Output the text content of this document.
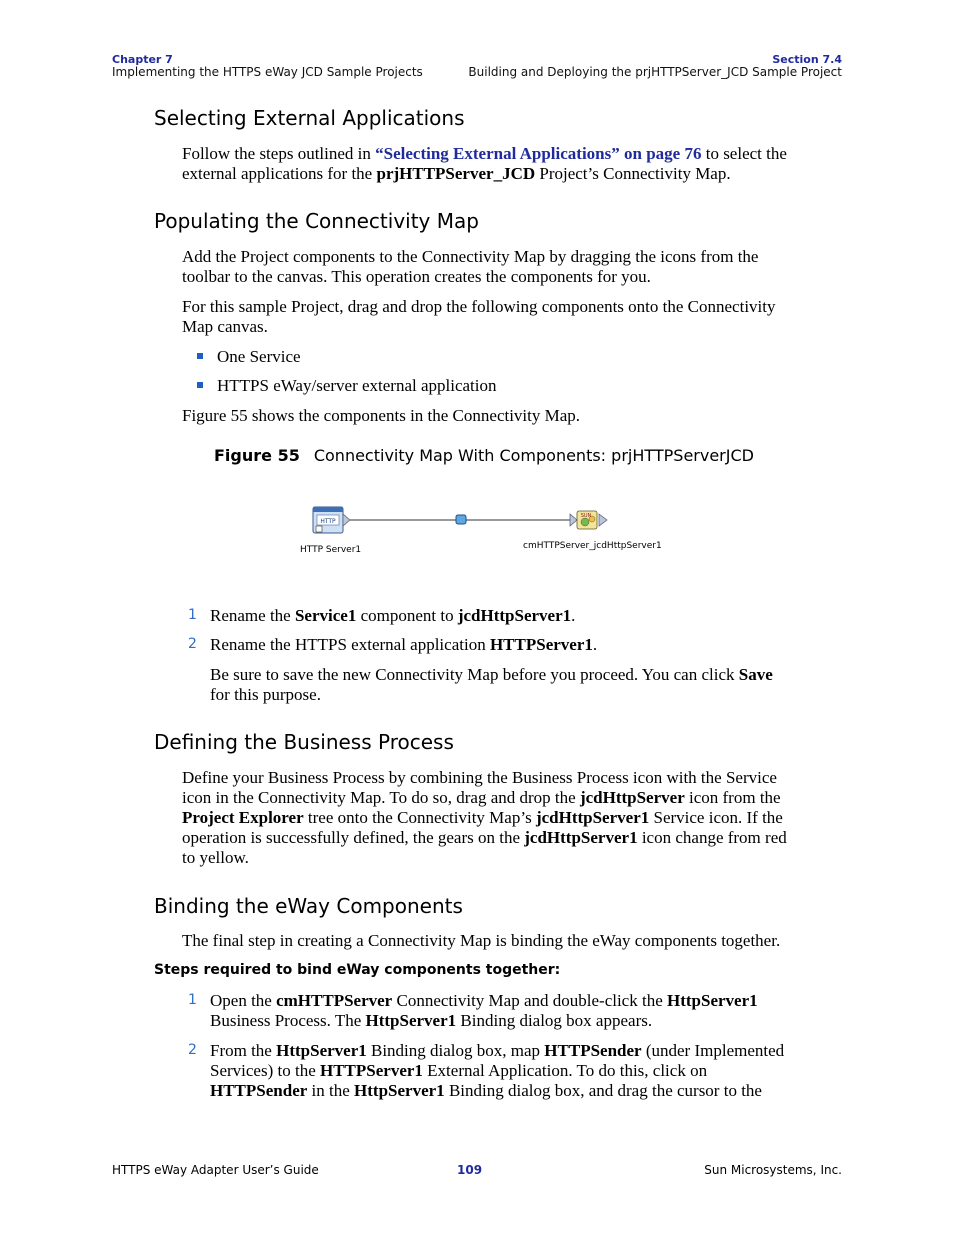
Chapter 7
Implementing the HTTPS eWay JCD Sample Projects
Section 7.4
Building and Deploying the prjHTTPServer_JCD Sample Project
Selecting External Applications
Follow the steps outlined in “Selecting External Applications” on page 76 to select the
external applications for the prjHTTPServer_JCD Project’s Connectivity Map.
Populating the Connectivity Map
Add the Project components to the Connectivity Map by dragging the icons from the
toolbar to the canvas. This operation creates the components for you.
For this sample Project, drag and drop the following components onto the Connectivity
Map canvas.
One Service
HTTPS eWay/server external application
Figure 55 shows the components in the Connectivity Map.
Figure 55 Connectivity Map With Components: prjHTTPServerJCD
HTTP
SUN
HTTP Server1	cmHTTPServer_jcdHttpServer1
1 Rename the Service1 component to jcdHttpServer1.
2 Rename the HTTPS external application HTTPServer1.
Be sure to save the new Connectivity Map before you proceed. You can click Save
for this purpose.
Defining the Business Process
Define your Business Process by combining the Business Process icon with the Service
icon in the Connectivity Map. To do so, drag and drop the jcdHttpServer icon from the
Project Explorer tree onto the Connectivity Map’s jcdHttpServer1 Service icon. If the
operation is successfully defined, the gears on the jcdHttpServer1 icon change from red
to yellow.
Binding the eWay Components
The final step in creating a Connectivity Map is binding the eWay components together.
Steps required to bind eWay components together:
1 Open the cmHTTPServer Connectivity Map and double-click the HttpServer1
Business Process. The HttpServer1 Binding dialog box appears.
2 From the HttpServer1 Binding dialog box, map HTTPSender (under Implemented
Services) to the HTTPServer1 External Application. To do this, click on
HTTPSender in the HttpServer1 Binding dialog box, and drag the cursor to the
HTTPS eWay Adapter User’s Guide	109	Sun Microsystems, Inc.
